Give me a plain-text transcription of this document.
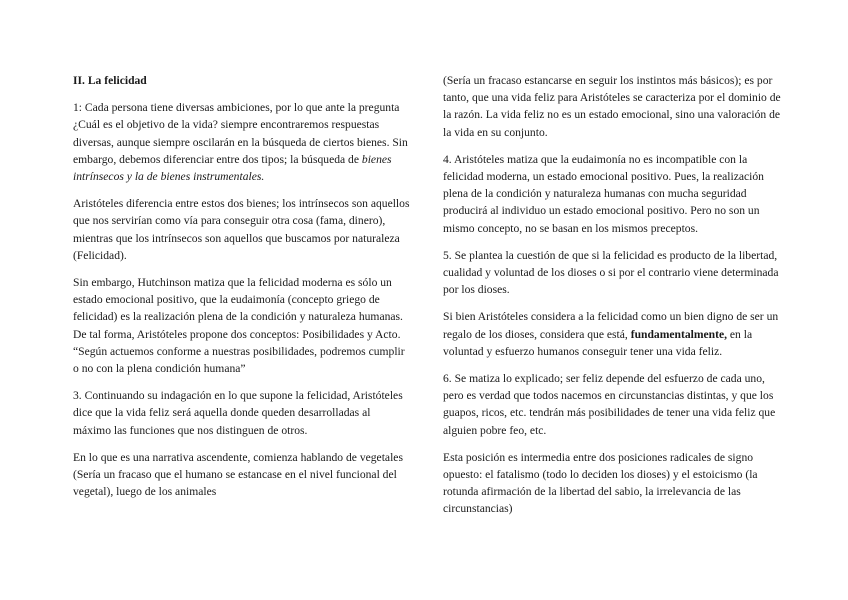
II. La felicidad

1: Cada persona tiene diversas ambiciones, por lo que ante la pregunta ¿Cuál es el objetivo de la vida? siempre encontraremos respuestas diversas, aunque siempre oscilarán en la búsqueda de ciertos bienes. Sin embargo, debemos diferenciar entre dos tipos; la búsqueda de bienes intrínsecos y la de bienes instrumentales.

Aristóteles diferencia entre estos dos bienes; los intrínsecos son aquellos que nos servirían como vía para conseguir otra cosa (fama, dinero), mientras que los intrínsecos son aquellos que buscamos por naturaleza (Felicidad).

Sin embargo, Hutchinson matiza que la felicidad moderna es sólo un estado emocional positivo, que la eudaimonía (concepto griego de felicidad) es la realización plena de la condición y naturaleza humanas. De tal forma, Aristóteles propone dos conceptos: Posibilidades y Acto. “Según actuemos conforme a nuestras posibilidades, podremos cumplir o no con la plena condición humana”

3. Continuando su indagación en lo que supone la felicidad, Aristóteles dice que la vida feliz será aquella donde queden desarrolladas al máximo las funciones que nos distinguen de otros.

En lo que es una narrativa ascendente, comienza hablando de vegetales (Sería un fracaso que el humano se estancase en el nivel funcional del vegetal), luego de los animales

(Sería un fracaso estancarse en seguir los instintos más básicos); es por tanto, que una vida feliz para Aristóteles se caracteriza por el dominio de la razón. La vida feliz no es un estado emocional, sino una valoración de la vida en su conjunto.

4. Aristóteles matiza que la eudaimonía no es incompatible con la felicidad moderna, un estado emocional positivo. Pues, la realización plena de la condición y naturaleza humanas con mucha seguridad producirá al individuo un estado emocional positivo. Pero no son un mismo concepto, no se basan en los mismos preceptos.

5. Se plantea la cuestión de que si la felicidad es producto de la libertad, cualidad y voluntad de los dioses o si por el contrario viene determinada por los dioses.

Si bien Aristóteles considera a la felicidad como un bien digno de ser un regalo de los dioses, considera que está, fundamentalmente, en la voluntad y esfuerzo humanos conseguir tener una vida feliz.

6. Se matiza lo explicado; ser feliz depende del esfuerzo de cada uno, pero es verdad que todos nacemos en circunstancias distintas, y que los guapos, ricos, etc. tendrán más posibilidades de tener una vida feliz que alguien pobre feo, etc.

Esta posición es intermedia entre dos posiciones radicales de signo opuesto: el fatalismo (todo lo deciden los dioses) y el estoicismo (la rotunda afirmación de la libertad del sabio, la irrelevancia de las circunstancias)
